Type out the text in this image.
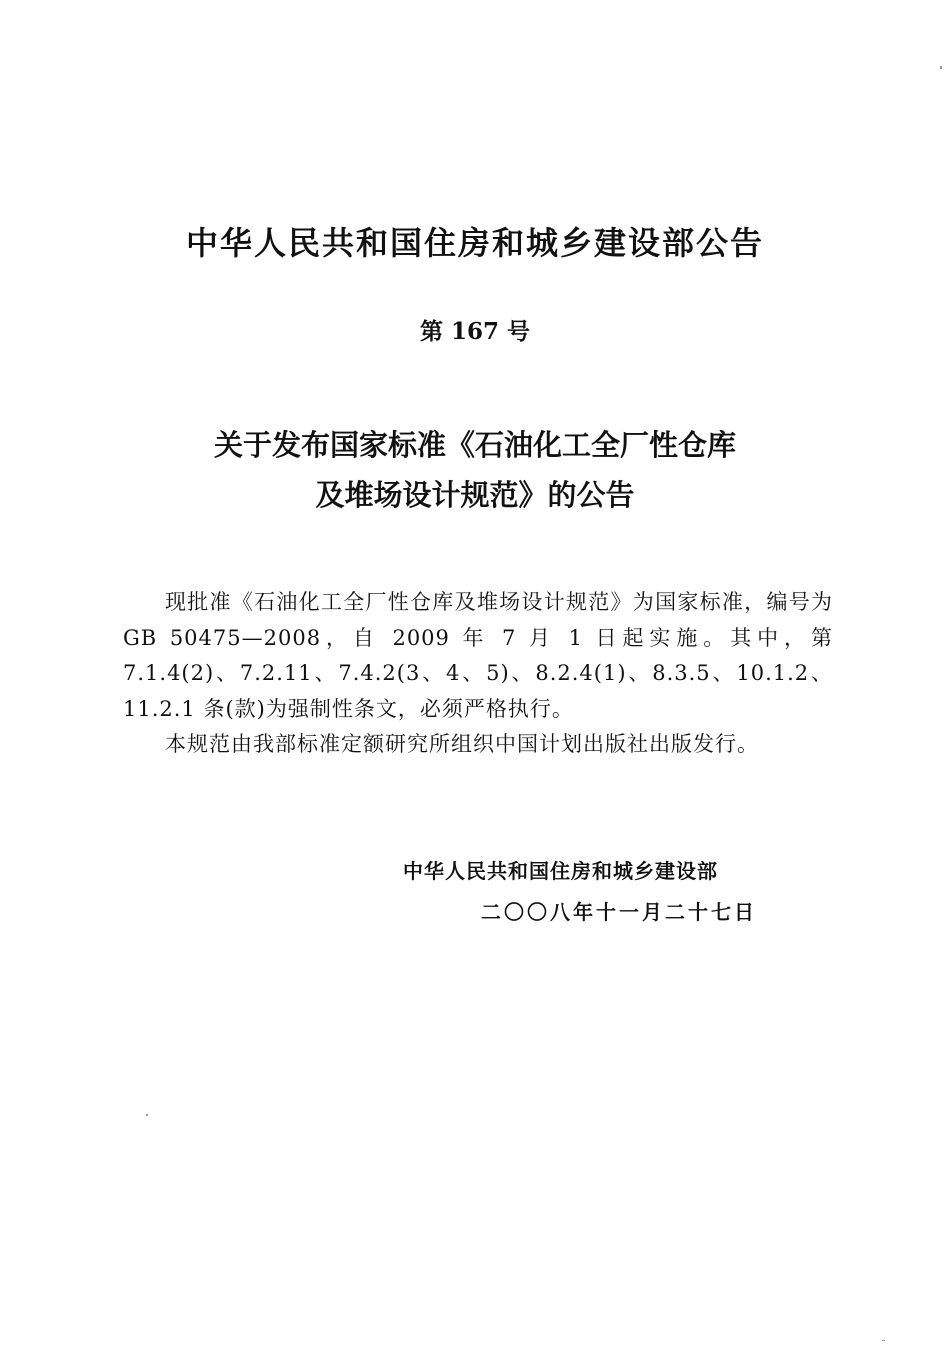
中华人民共和国住房和城乡建设部公告
第 167 号
关于发布国家标准《石油化工全厂性仓库
及堆场设计规范》的公告

现批准《石油化工全厂性仓库及堆场设计规范》为国家标准，编号为GB 50475—2008，自 2009 年 7 月 1 日起实施。其中，第7.1.4(2)、7.2.11、7.4.2(3、4、5)、8.2.4(1)、8.3.5、10.1.2、11.2.1 条(款)为强制性条文，必须严格执行。

本规范由我部标准定额研究所组织中国计划出版社出版发行。

中华人民共和国住房和城乡建设部

二〇〇八年十一月二十七日
